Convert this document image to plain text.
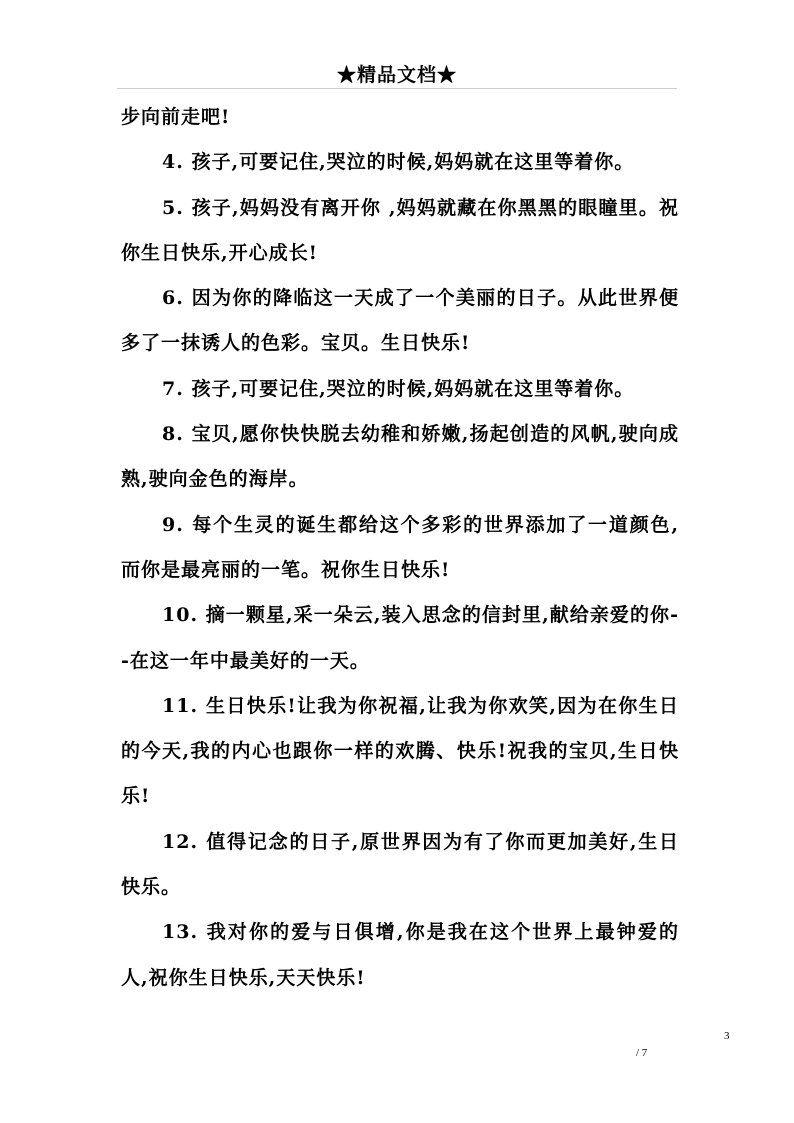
★精品文档★

步向前走吧!

4. 孩子,可要记住,哭泣的时候,妈妈就在这里等着你。

5. 孩子,妈妈没有离开你 ,妈妈就藏在你黑黑的眼瞳里。祝你生日快乐,开心成长!

6. 因为你的降临这一天成了一个美丽的日子。从此世界便多了一抹诱人的色彩。宝贝。生日快乐!

7. 孩子,可要记住,哭泣的时候,妈妈就在这里等着你。

8. 宝贝,愿你快快脱去幼稚和娇嫩,扬起创造的风帆,驶向成熟,驶向金色的海岸。

9. 每个生灵的诞生都给这个多彩的世界添加了一道颜色,而你是最亮丽的一笔。祝你生日快乐!

10. 摘一颗星,采一朵云,装入思念的信封里,献给亲爱的你--在这一年中最美好的一天。

11. 生日快乐!让我为你祝福,让我为你欢笑,因为在你生日的今天,我的内心也跟你一样的欢腾、快乐!祝我的宝贝,生日快乐!

12. 值得记念的日子,原世界因为有了你而更加美好,生日快乐。

13. 我对你的爱与日俱增,你是我在这个世界上最钟爱的人,祝你生日快乐,天天快乐!

3
/ 7
